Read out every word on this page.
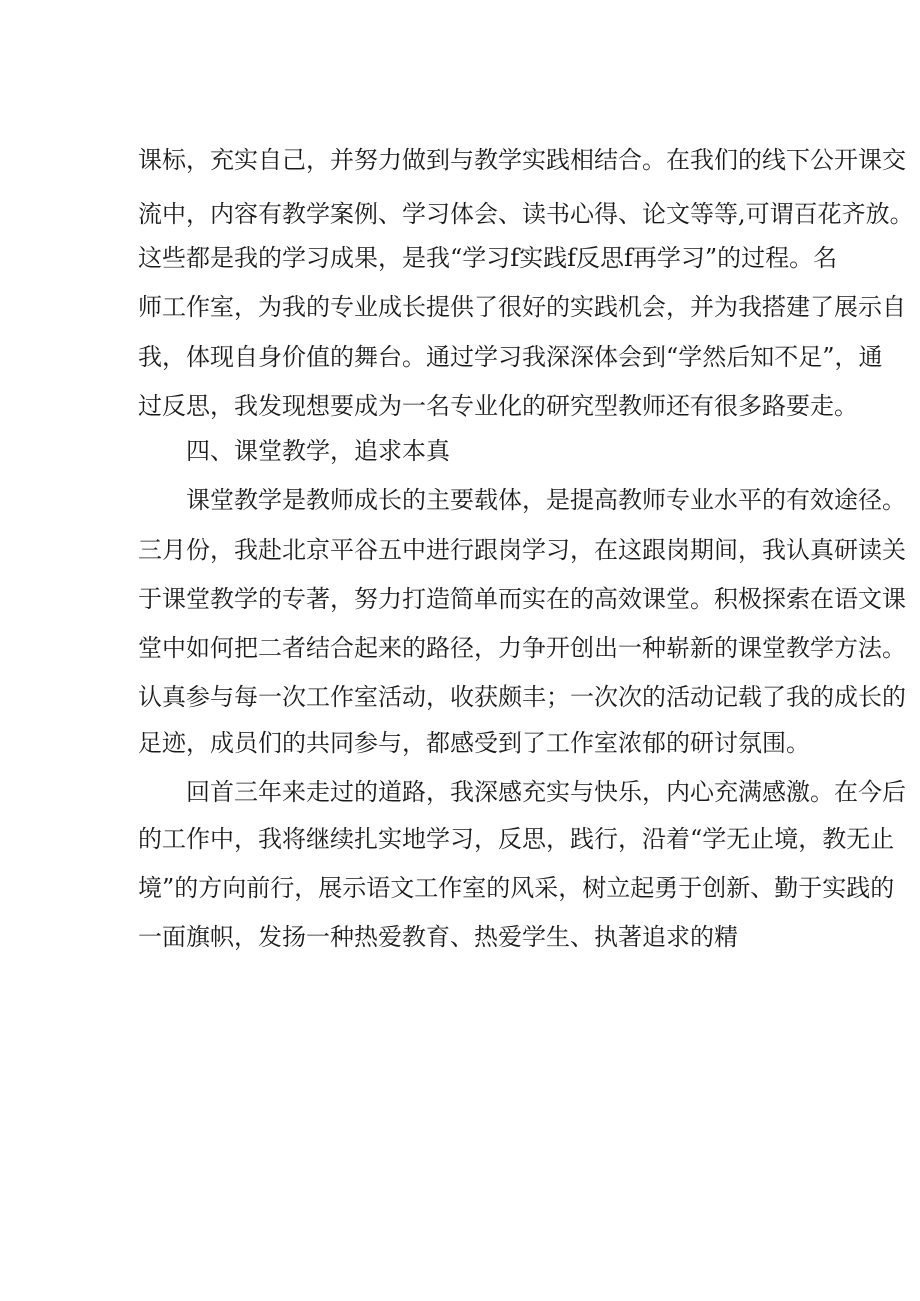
课标，充实自己，并努力做到与教学实践相结合。在我们的线下公开课交

流中，内容有教学案例、学习体会、读书心得、论文等等,可谓百花齐放。

这些都是我的学习成果，是我“学习f实践f反思f再学习”的过程。名

师工作室，为我的专业成长提供了很好的实践机会，并为我搭建了展示自

我，体现自身价值的舞台。通过学习我深深体会到“学然后知不足”，通

过反思，我发现想要成为一名专业化的研究型教师还有很多路要走。

四、课堂教学，追求本真

课堂教学是教师成长的主要载体，是提高教师专业水平的有效途径。

三月份，我赴北京平谷五中进行跟岗学习，在这跟岗期间，我认真研读关

于课堂教学的专著，努力打造简单而实在的高效课堂。积极探索在语文课

堂中如何把二者结合起来的路径，力争开创出一种崭新的课堂教学方法。

认真参与每一次工作室活动，收获颇丰；一次次的活动记载了我的成长的

足迹，成员们的共同参与，都感受到了工作室浓郁的研讨氛围。

回首三年来走过的道路，我深感充实与快乐，内心充满感激。在今后

的工作中，我将继续扎实地学习，反思，践行，沿着“学无止境，教无止

境”的方向前行，展示语文工作室的风采，树立起勇于创新、勤于实践的

一面旗帜，发扬一种热爱教育、热爱学生、执著追求的精
